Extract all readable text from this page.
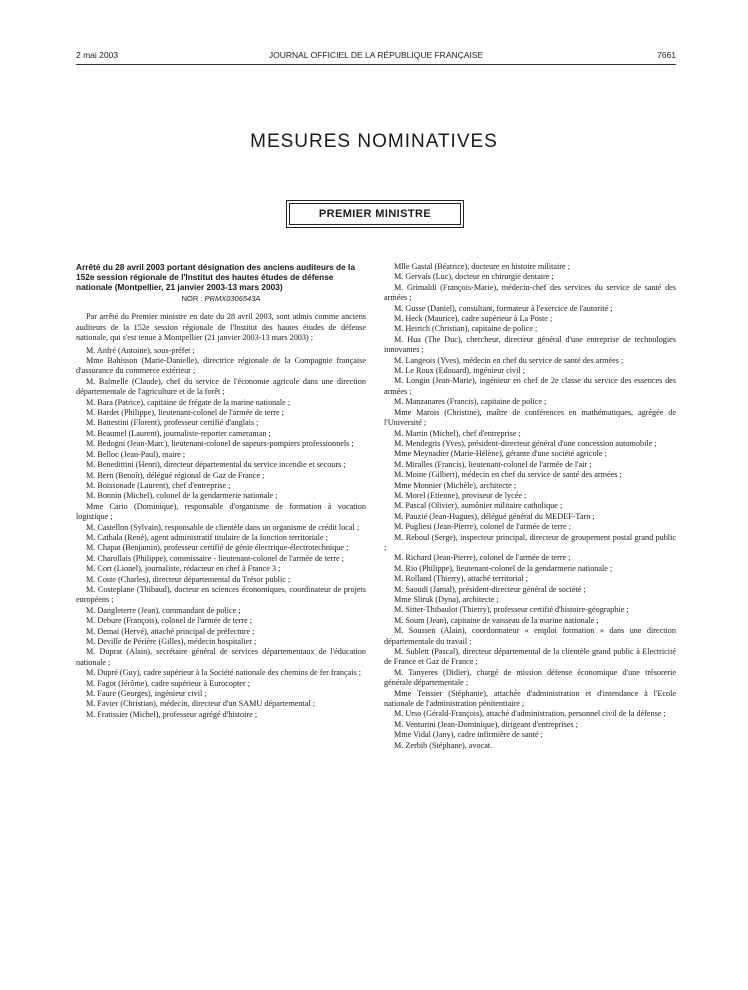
2 mai 2003	JOURNAL OFFICIEL DE LA RÉPUBLIQUE FRANÇAISE	7661
MESURES NOMINATIVES
PREMIER MINISTRE

Arrêté du 28 avril 2003 portant désignation des anciens auditeurs de la 152e session régionale de l'Institut des hautes études de défense nationale (Montpellier, 21 janvier 2003-13 mars 2003)

NOR : PRMX0306543A

Par arrêté du Premier ministre en date du 28 avril 2003, sont admis comme anciens auditeurs de la 152e session régionale de l'Institut des hautes études de défense nationale, qui s'est tenue à Montpellier (21 janvier 2003-13 mars 2003) :

M. Anfré (Antoine), sous-préfet ;

Mme Bahisson (Marie-Danielle), directrice régionale de la Compagnie française d'assurance du commerce extérieur ;

M. Balmelle (Claude), chef du service de l'économie agricole dans une direction départementale de l'agriculture et de la forêt ;

M. Bara (Patrice), capitaine de frégate de la marine nationale ;

M. Bardet (Philippe), lieutenant-colonel de l'armée de terre ;

M. Battestini (Florent), professeur certifié d'anglais ;

M. Beaumel (Laurent), journaliste-reporter cameraman ;

M. Bedogni (Jean-Marc), lieutenant-colonel de sapeurs-pompiers professionnels ;

M. Belloc (Jean-Paul), maire ;

M. Benedittini (Henri), directeur départemental du service incendie et secours ;

M. Bern (Benoît), délégué régional de Gaz de France ;

M. Boissonade (Laurent), chef d'entreprise ;

M. Bonnin (Michel), colonel de la gendarmerie nationale ;

Mme Cario (Dominique), responsable d'organisme de formation à vocation logistique ;

M. Castellon (Sylvain), responsable de clientèle dans un organisme de crédit local ;

M. Cathala (René), agent administratif titulaire de la fonction territoriale ;

M. Chapat (Benjamin), professeur certifié de génie électrique-électrotechnique ;

M. Charollais (Philippe), commissaire - lieutenant-colonel de l'armée de terre ;

M. Cort (Lionel), journaliste, rédacteur en chef à France 3 ;

M. Coste (Charles), directeur départemental du Trésor public ;

M. Costeplane (Thibaud), docteur en sciences économiques, coordinateur de projets européens ;

M. Dangleterre (Jean), commandant de police ;

M. Debure (François), colonel de l'armée de terre ;

M. Demai (Hervé), attaché principal de préfecture ;

M. Deville de Périère (Gilles), médecin hospitalier ;

M. Duprat (Alain), secrétaire général de services départementaux de l'éducation nationale ;

M. Dupré (Guy), cadre supérieur à la Société nationale des chemins de fer français ;

M. Fagot (Jérôme), cadre supérieur à Eurocopter ;

M. Faure (Georges), ingénieur civil ;

M. Favier (Christian), médecin, directeur d'un SAMU départemental ;

M. Fratissier (Michel), professeur agrégé d'histoire ;

Mlle Gastal (Béatrice), docteure en histoire militaire ;

M. Gervais (Luc), docteur en chirurgie dentaire ;

M. Grimaldi (François-Marie), médecin-chef des services du service de santé des armées ;

M. Gusse (Daniel), consultant, formateur à l'exercice de l'autorité ;

M. Heck (Maurice), cadre supérieur à La Poste ;

M. Heirich (Christian), capitaine de police ;

M. Hua (The Duc), chercheur, directeur général d'une entreprise de technologies innovantes ;

M. Langeois (Yves), médecin en chef du service de santé des armées ;

M. Le Roux (Edouard), ingénieur civil ;

M. Longin (Jean-Marie), ingénieur en chef de 2e classe du service des essences des armées ;

M. Manzanares (Francis), capitaine de police ;

Mme Marois (Christine), maître de conférences en mathématiques, agrégée de l'Université ;

M. Martin (Michel), chef d'entreprise ;

M. Mendegris (Yves), président-directeur général d'une concession automobile ;

Mme Meynadier (Marie-Hélène), gérante d'une société agricole ;

M. Miralles (Francis), lieutenant-colonel de l'armée de l'air ;

M. Moine (Gilbert), médecin en chef du service de santé des armées ;

Mme Monnier (Michèle), architecte ;

M. Morel (Etienne), proviseur de lycée ;

M. Pascal (Olivier), aumônier militaire catholique ;

M. Pauzié (Jean-Hugues), délégué général du MEDEF-Tarn ;

M. Pugliesi (Jean-Pierre), colonel de l'armée de terre ;

M. Reboul (Serge), inspecteur principal, directeur de groupement postal grand public ;

M. Richard (Jean-Pierre), colonel de l'armée de terre ;

M. Rio (Philippe), lieutenant-colonel de la gendarmerie nationale ;

M. Rolland (Thierry), attaché territorial ;

M. Saoudi (Jamal), président-directeur général de société ;

Mme Sliruk (Dyna), architecte ;

M. Sitter-Thibaulot (Thierry), professeur certifié d'histoire-géographie ;

M. Soum (Jean), capitaine de vaisseau de la marine nationale ;

M. Soussen (Alain), coordonnateur « emploi formation » dans une direction départementale du travail ;

M. Sublett (Pascal), directeur départemental de la clientèle grand public à Electricité de France et Gaz de France ;

M. Tanyeres (Didier), chargé de mission défense économique d'une trésorerie générale départementale ;

Mme Teissier (Stéphanie), attachée d'administration et d'intendance à l'Ecole nationale de l'administration pénitentiaire ;

M. Urso (Gérald-François), attaché d'administration, personnel civil de la défense ;

M. Venturini (Jean-Dominique), dirigeant d'entreprises ;

Mme Vidal (Jany), cadre infirmière de santé ;

M. Zerbib (Stéphane), avocat.
